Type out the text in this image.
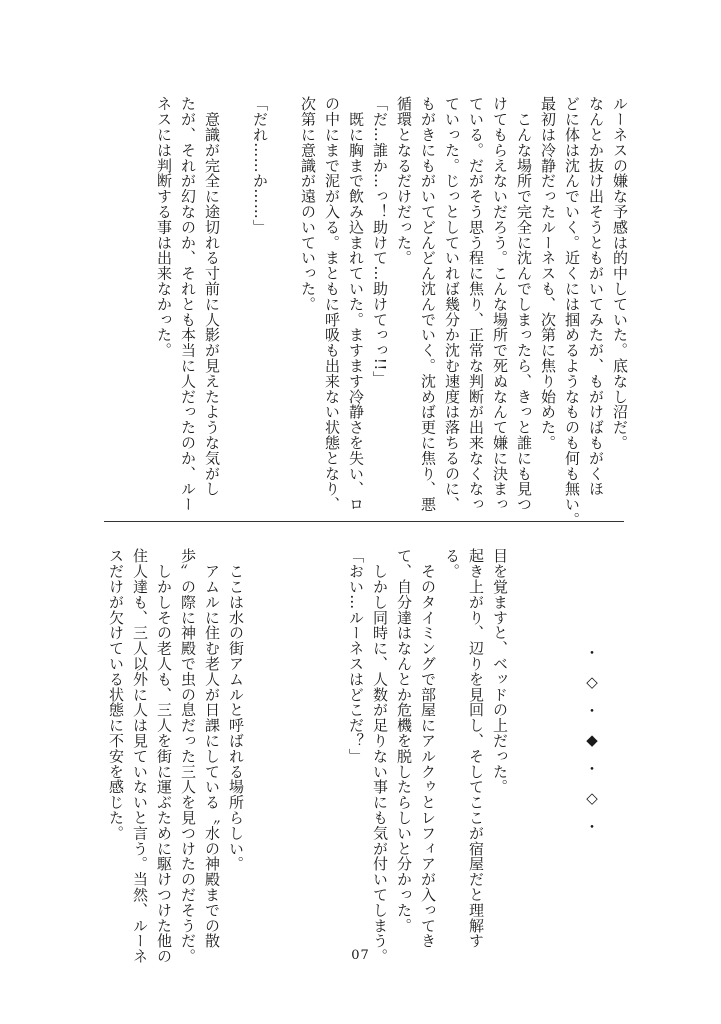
ルーネスの嫌な予感は的中していた。底なし沼だ。

なんとか抜け出そうともがいてみたが、もがけばもがくほ

どに体は沈んでいく。近くには掴めるようなものも何も無い。

最初は冷静だったルーネスも、次第に焦り始めた。

　こんな場所で完全に沈んでしまったら、きっと誰にも見つ

けてもらえないだろう。こんな場所で死ぬなんて嫌に決まっ

ている。だがそう思う程に焦り、正常な判断が出来なくなっ

ていった。じっとしていれば幾分か沈む速度は落ちるのに、

もがきにもがいてどんどん沈んでいく。沈めば更に焦り、悪

循環となるだけだった。

「だ…誰か…っ！助けて…助けてっっ!!」

　既に胸まで飲み込まれていた。ますます冷静さを失い、ロ

の中にまで泥が入る。まともに呼吸も出来ない状態となり、

次第に意識が遠のいていった。

「だれ……か……」

　意識が完全に途切れる寸前に人影が見えたような気がし

たが、それが幻なのか、それとも本当に人だったのか、ルー

ネスには判断する事は出来なかった。

・
◇
・
◆
・
◇
・

目を覚ますと、ベッドの上だった。

起き上がり、辺りを見回し、そしてここが宿屋だと理解す

る。

　そのタイミングで部屋にアルクゥとレフィアが入ってき

て、自分達はなんとか危機を脱したらしいと分かった。

　しかし同時に、人数が足りない事にも気が付いてしまう。

「おい…ルーネスはどこだ？」

　ここは水の街アムルと呼ばれる場所らしい。

　アムルに住む老人が日課にしている〝水の神殿までの散

歩〟の際に神殿で虫の息だった三人を見つけたのだそうだ。

　しかしその老人も、三人を街に運ぶために駆けつけた他の

住人達も、三人以外に人は見ていないと言う。当然、ルーネ

スだけが欠けている状態に不安を感じた。

07
